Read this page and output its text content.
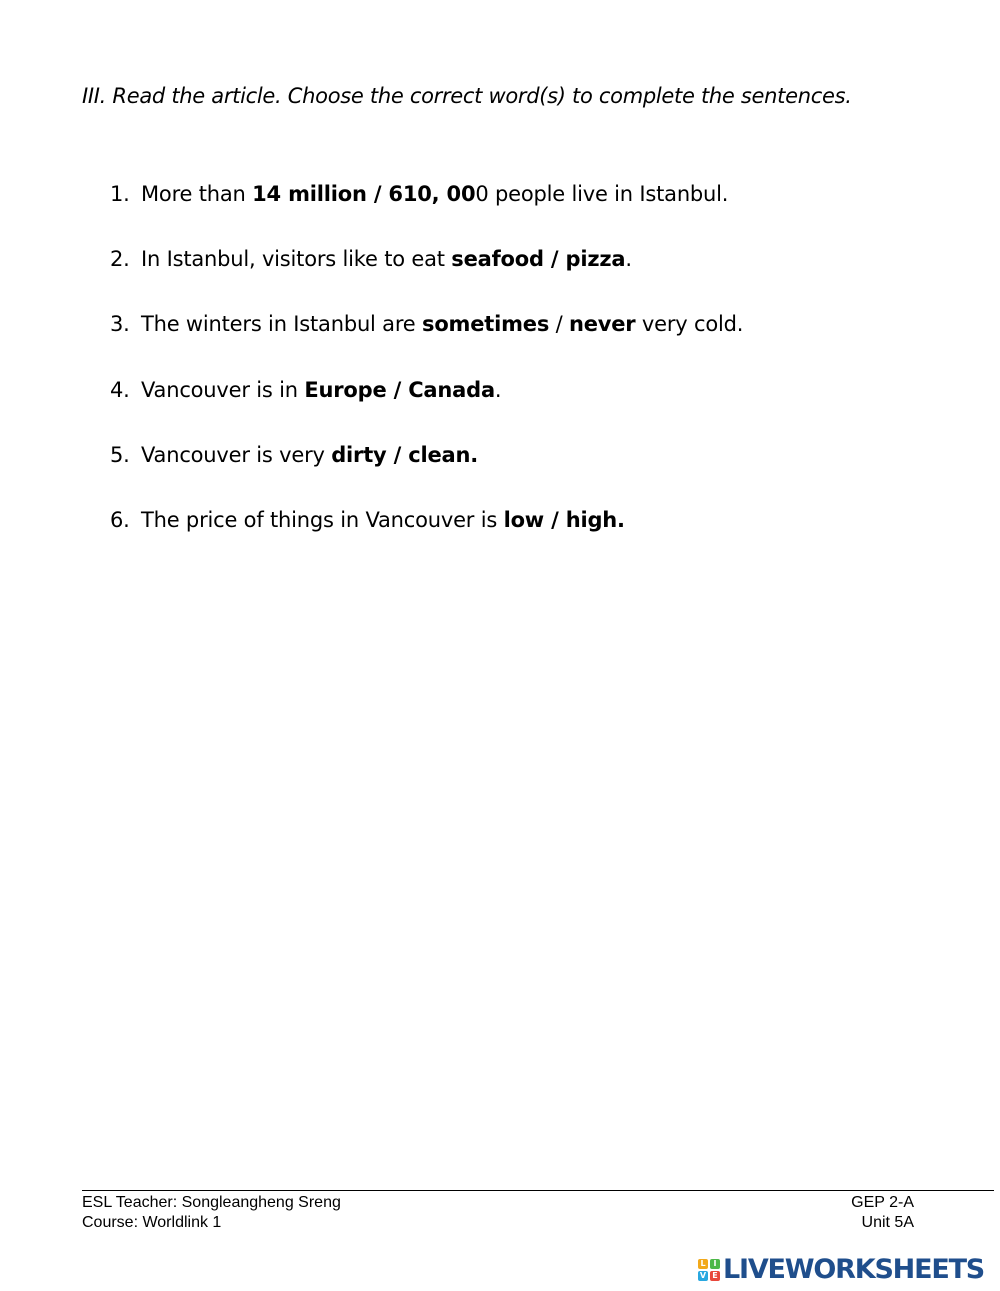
III. Read the article. Choose the correct word(s) to complete the sentences.
1. More than 14 million / 610, 000 people live in Istanbul.
2. In Istanbul, visitors like to eat seafood / pizza.
3. The winters in Istanbul are sometimes / never very cold.
4. Vancouver is in Europe / Canada.
5. Vancouver is very dirty / clean.
6. The price of things in Vancouver is low / high.
ESL Teacher: Songleangheng Sreng
Course: Worldlink 1
GEP 2-A
Unit 5A
L I
V E LIVEWORKSHEETS
